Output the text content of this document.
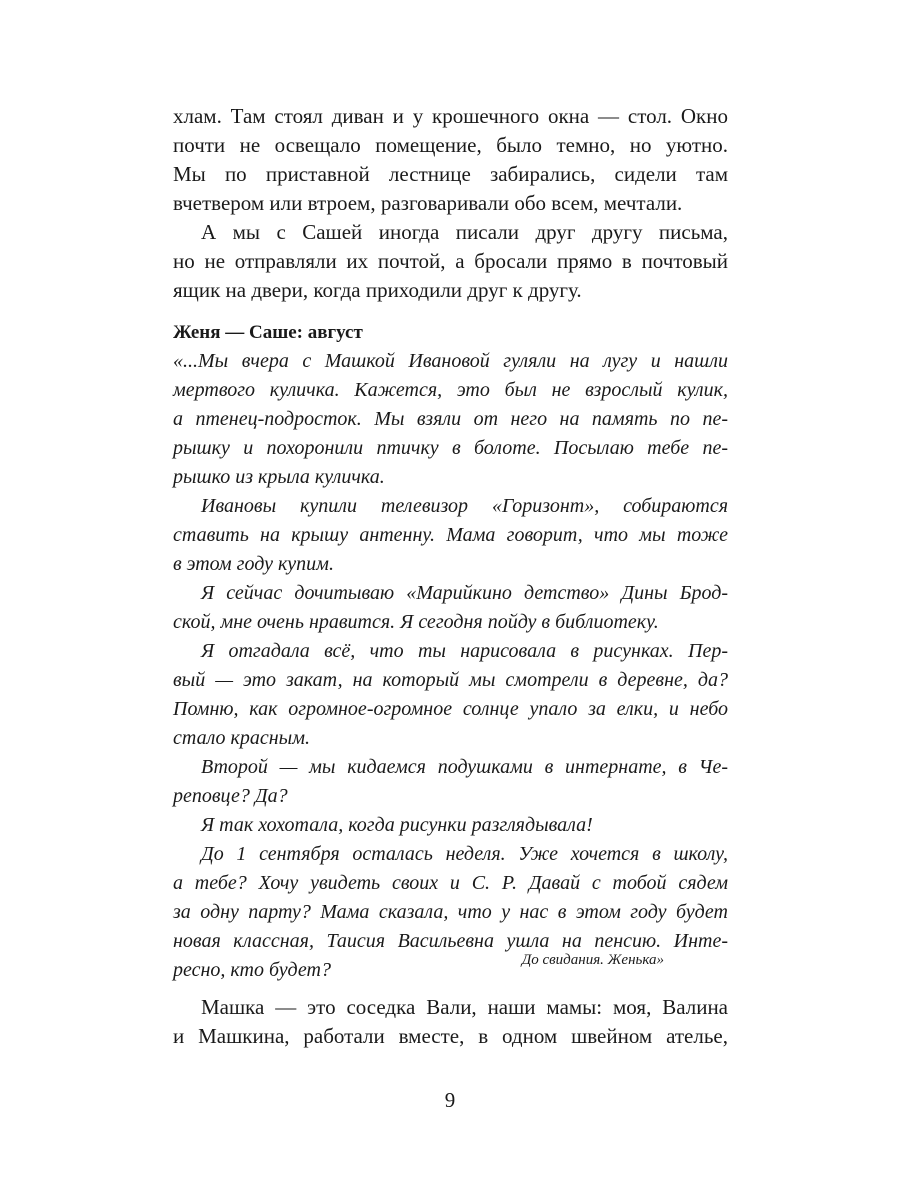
хлам. Там стоял диван и у крошечного окна — стол. Окно
почти не освещало помещение, было темно, но уютно.
Мы по приставной лестнице забирались, сидели там
вчетвером или втроем, разговаривали обо всем, мечтали.
А мы с Сашей иногда писали друг другу письма,
но не отправляли их почтой, а бросали прямо в почтовый
ящик на двери, когда приходили друг к другу.
Женя — Саше: август
«...Мы вчера с Машкой Ивановой гуляли на лугу и нашли
мертвого куличка. Кажется, это был не взрослый кулик,
а птенец-подросток. Мы взяли от него на память по пе-
рышку и похоронили птичку в болоте. Посылаю тебе пе-
рышко из крыла куличка.
Ивановы купили телевизор «Горизонт», собираются
ставить на крышу антенну. Мама говорит, что мы тоже
в этом году купим.
Я сейчас дочитываю «Марийкино детство» Дины Брод-
ской, мне очень нравится. Я сегодня пойду в библиотеку.
Я отгадала всё, что ты нарисовала в рисунках. Пер-
вый — это закат, на который мы смотрели в деревне, да?
Помню, как огромное-огромное солнце упало за елки, и небо
стало красным.
Второй — мы кидаемся подушками в интернате, в Че-
реповце? Да?
Я так хохотала, когда рисунки разглядывала!
До 1 сентября осталась неделя. Уже хочется в школу,
а тебе? Хочу увидеть своих и С. Р. Давай с тобой сядем
за одну парту? Мама сказала, что у нас в этом году будет
новая классная, Таисия Васильевна ушла на пенсию. Инте-
ресно, кто будет?	До свидания. Женька»
Машка — это соседка Вали, наши мамы: моя, Валина
и Машкина, работали вместе, в одном швейном ателье,
9
